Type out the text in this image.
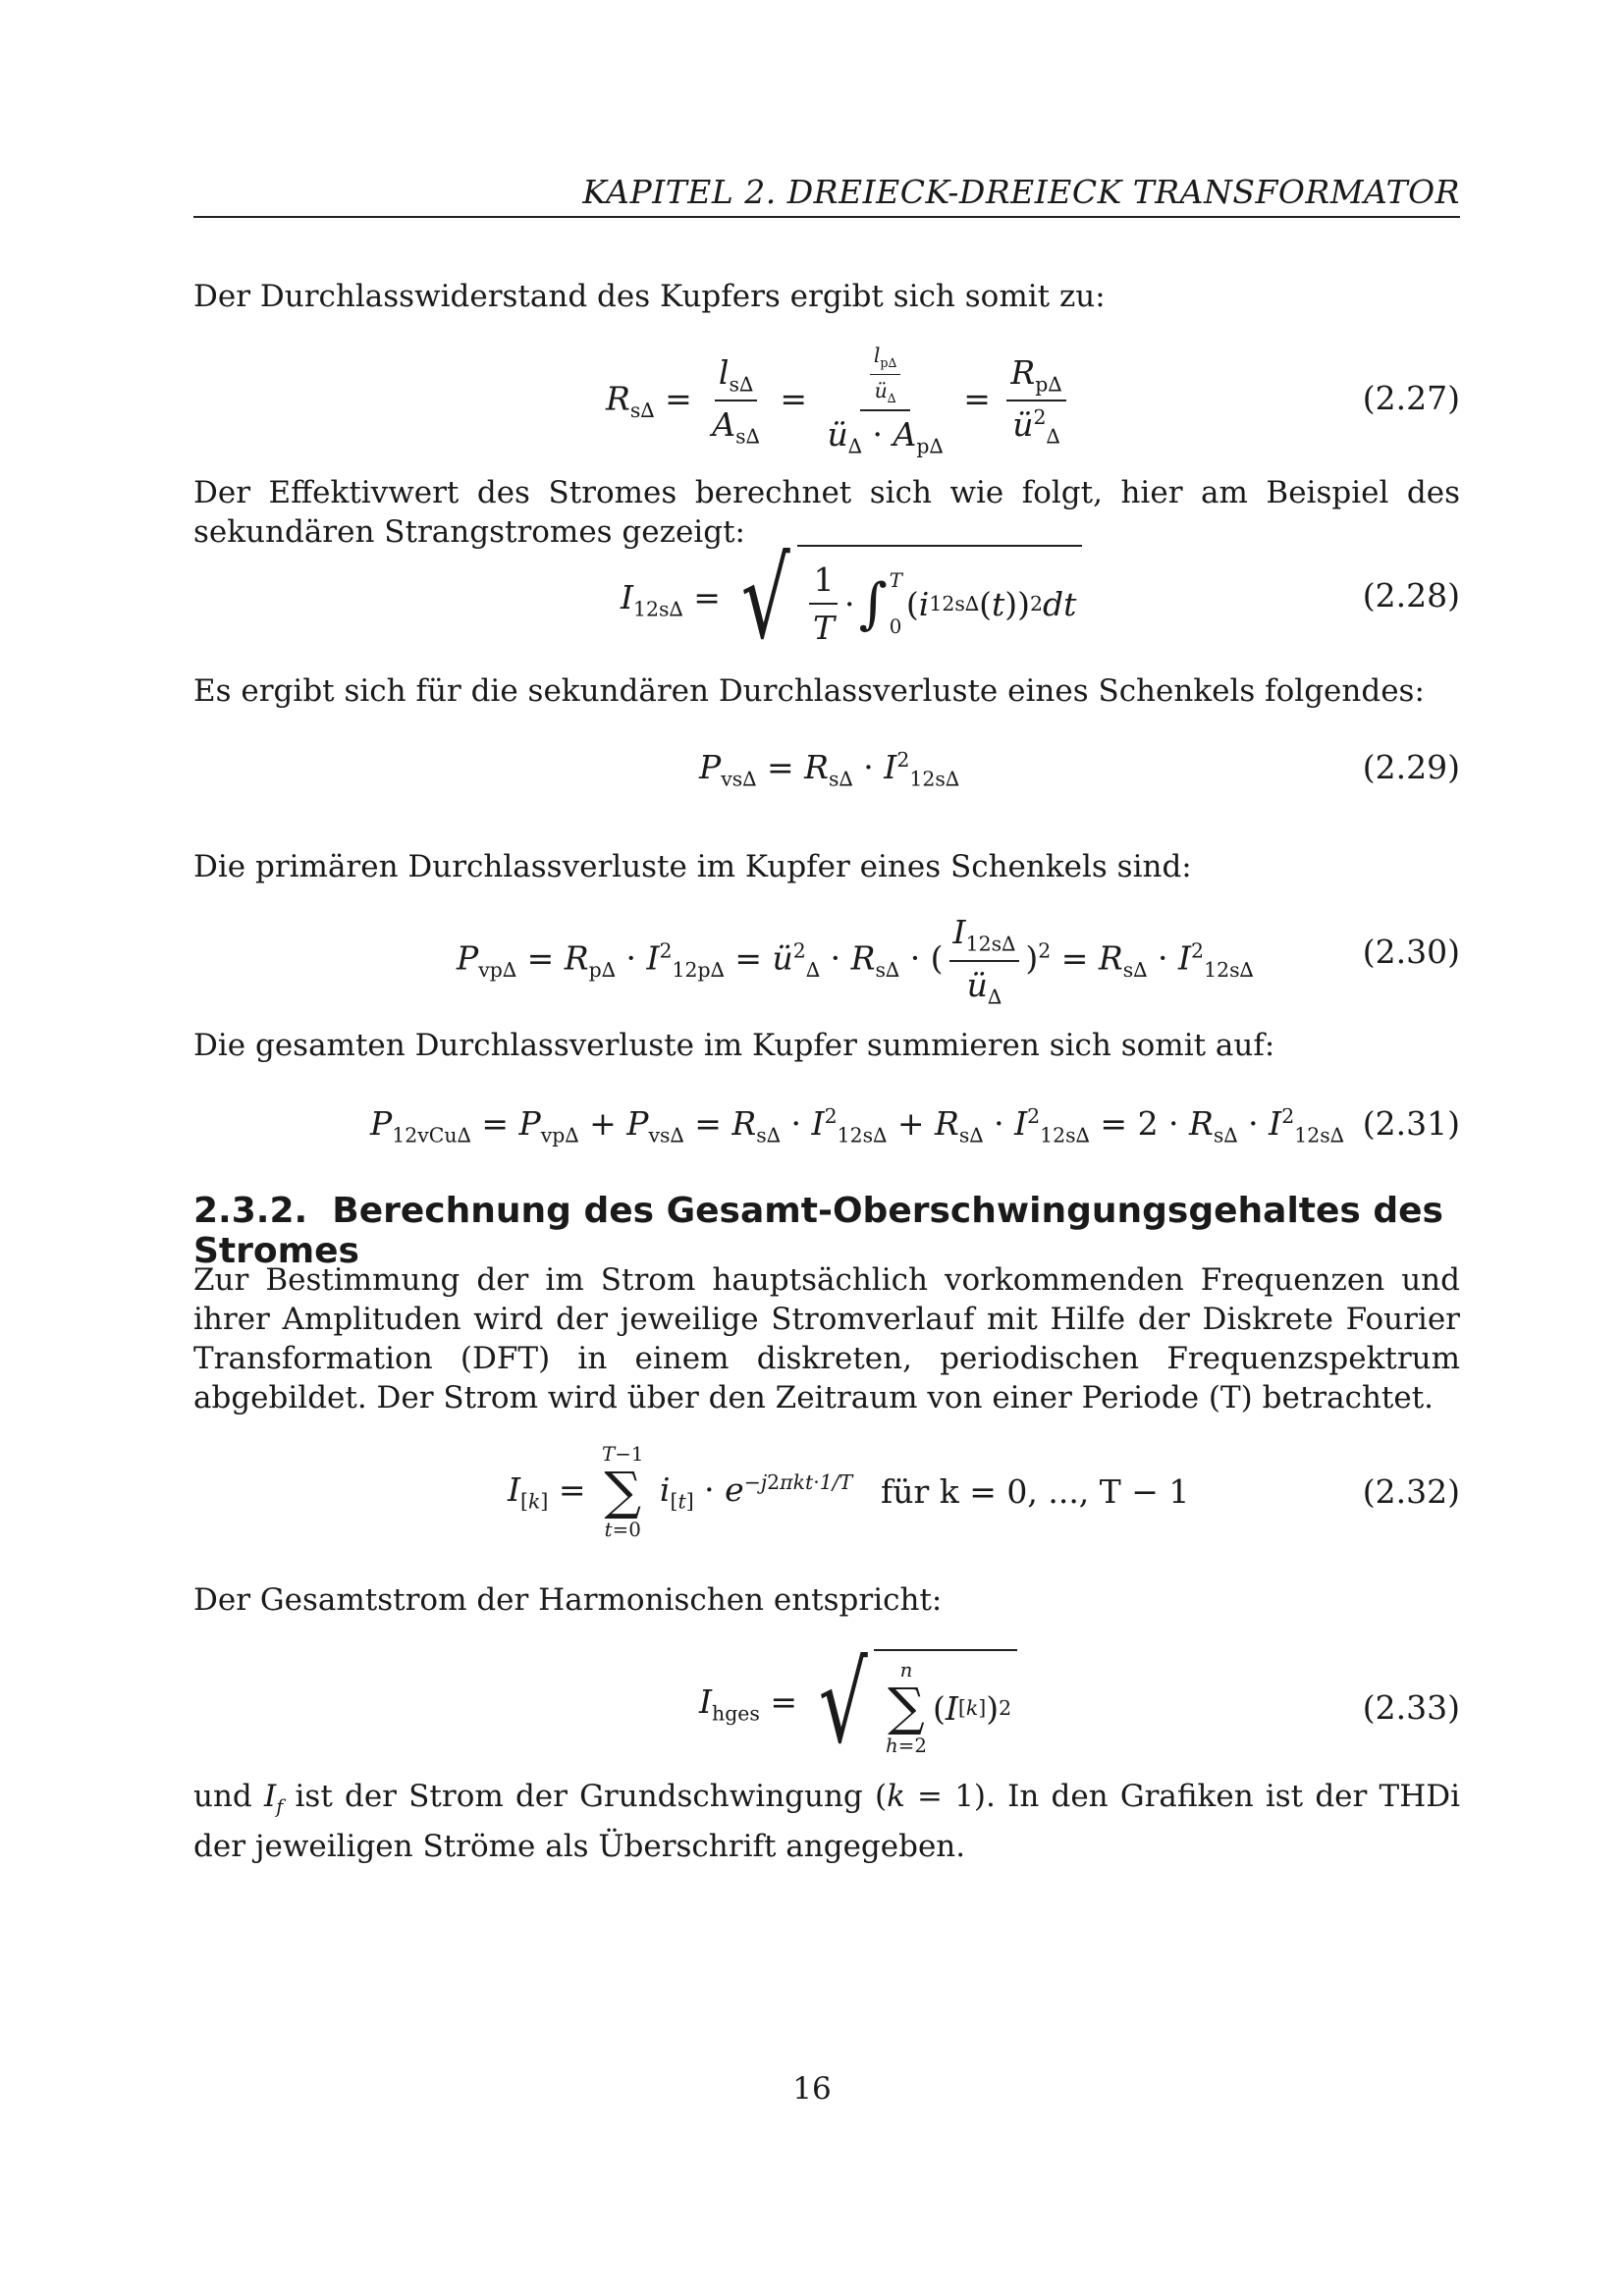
KAPITEL 2. DREIECK-DREIECK TRANSFORMATOR
Der Durchlasswiderstand des Kupfers ergibt sich somit zu:
$R_{s\Delta} = \frac{l_{s\Delta}}{A_{s\Delta}} = \frac{\frac{l_{p\Delta}}{ü_\Delta}}{ü_\Delta \cdot A_{p\Delta}} = \frac{R_{p\Delta}}{ü^2_\Delta}$	(2.27)
Der Effektivwert des Stromes berechnet sich wie folgt, hier am Beispiel des sekundären Strangstromes gezeigt:
$I_{12s\Delta}$ = √ $\frac{1}{T}$ · ∫ T
0
( i 12s∆ ( t )) 2 dt	(2.28)
Es ergibt sich für die sekundären Durchlassverluste eines Schenkels folgendes:
$P_{vs\Delta} = R_{s\Delta} \cdot I^2_{12s\Delta}$	(2.29)
Die primären Durchlassverluste im Kupfer eines Schenkels sind:
$P_{vp\Delta} = R_{p\Delta} \cdot I^2_{12p\Delta}$ = $ü^2_\Delta \cdot R_{s\Delta}$ · ( $\frac{I_{12s\Delta}}{ü_\Delta} )^2 = R_{s\Delta} \cdot I^2_{12s\Delta}$	(2.30)
Die gesamten Durchlassverluste im Kupfer summieren sich somit auf:
$P_{12vCu\Delta} = P_{vp\Delta} + P_{vs\Delta} = R_{s\Delta} \cdot I^2_{12s\Delta} + R_{s\Delta} \cdot I^2_{12s\Delta} = 2 \cdot R_{s\Delta} \cdot I^2_{12s\Delta}$ (2.31)
2.3.2. Berechnung des Gesamt-Oberschwingungsgehaltes des Stromes
Zur Bestimmung der im Strom hauptsächlich vorkommenden Frequenzen und ihrer Amplituden wird der jeweilige Stromverlauf mit Hilfe der Diskrete Fourier Transformation (DFT) in einem diskreten, periodischen Frequenzspektrum abgebildet. Der Strom wird über den Zeitraum von einer Periode (T) betrachtet.
$I_{[k]}$ =
T−1
∑
t=0
$i_{[t]} \cdot e^{-j2\pi kt\cdot 1/T}$ für k = 0, ..., T − 1	(2.32)
Der Gesamtstrom der Harmonischen entspricht:
$I_{hges}$ = √ n
∑
h=2
( I [k] ) 2	(2.33)
und $I_f$ ist der Strom der Grundschwingung (k = 1). In den Grafiken ist der THDi der jeweiligen Ströme als Überschrift angegeben.
16
